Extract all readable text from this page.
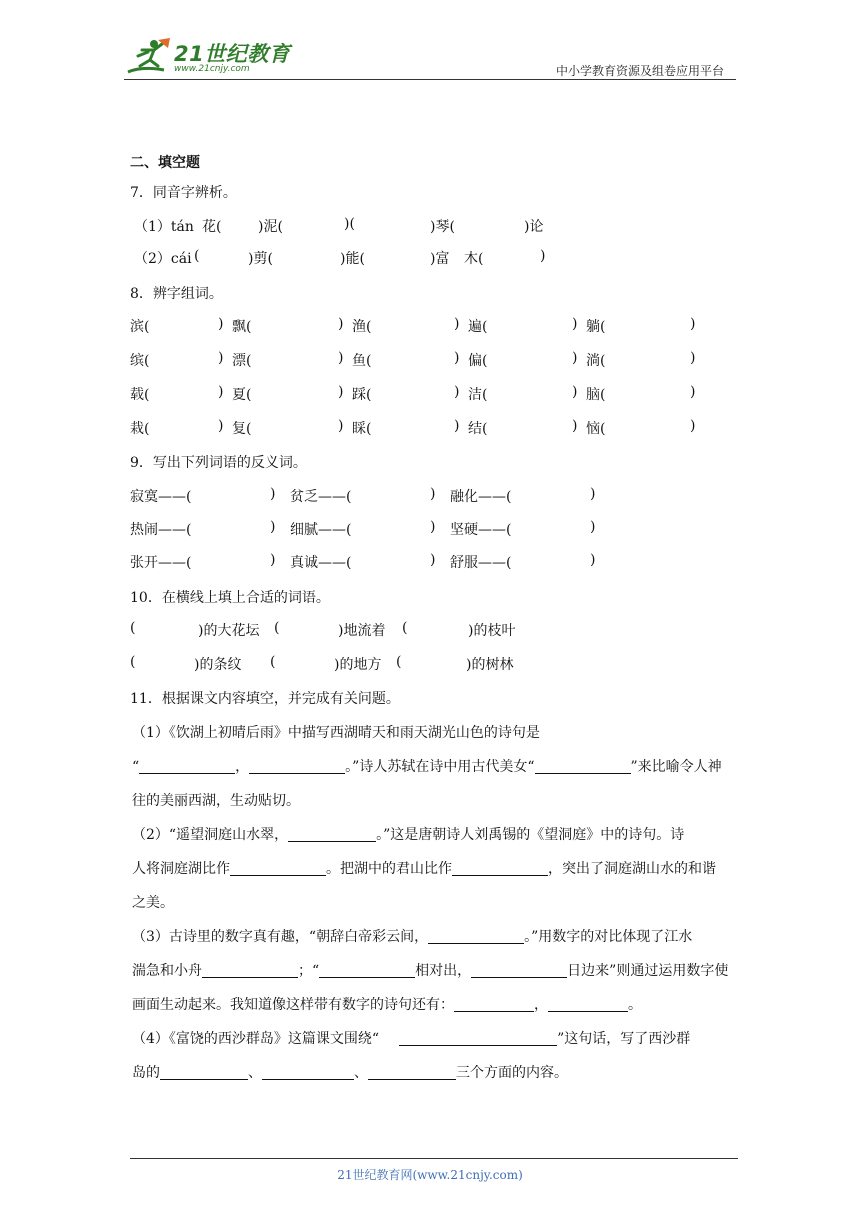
21世纪教育
www.21cnjy.com	中小学教育资源及组卷应用平台
二、填空题
7．同音字辨析。
（1）tán 花(	)泥(	)(	)琴(	)论
（2）cái (	)剪(	)能(	)富 木(	)
8．辨字组词。
滨(	) 飘(	) 渔(	) 遍(	) 躺(	)
缤(	) 漂(	) 鱼(	) 偏(	) 淌(	)
载(	) 夏(	) 踩(	) 洁(	) 脑(	)
栽(	) 复(	) 睬(	) 结(	) 恼(	)
9．写出下列词语的反义词。
寂寞——(	) 贫乏——(	) 融化——(	)
热闹——(	) 细腻——(	) 坚硬——(	)
张开——(	) 真诚——(	) 舒服——(	)
10．在横线上填上合适的词语。
(	)的大花坛 (	)地流着 (	)的枝叶
(	)的条纹 (	)的地方 (	)的树林
11．根据课文内容填空，并完成有关问题。
（1）《饮湖上初晴后雨》中描写西湖晴天和雨天湖光山色的诗句是
“	，	。”诗人苏轼在诗中用古代美女“	”来比喻令人神
往的美丽西湖，生动贴切。
（2）“遥望洞庭山水翠，	。”这是唐朝诗人刘禹锡的《望洞庭》中的诗句。诗
人将洞庭湖比作	。把湖中的君山比作	，突出了洞庭湖山水的和谐
之美。
（3）古诗里的数字真有趣，“朝辞白帝彩云间，	。”用数字的对比体现了江水
湍急和小舟	；“	相对出，	日边来”则通过运用数字使
画面生动起来。我知道像这样带有数字的诗句还有：	，	。
（4）《富饶的西沙群岛》这篇课文围绕“	”这句话，写了西沙群
岛的	、	、	三个方面的内容。
21世纪教育网(www.21cnjy.com)
